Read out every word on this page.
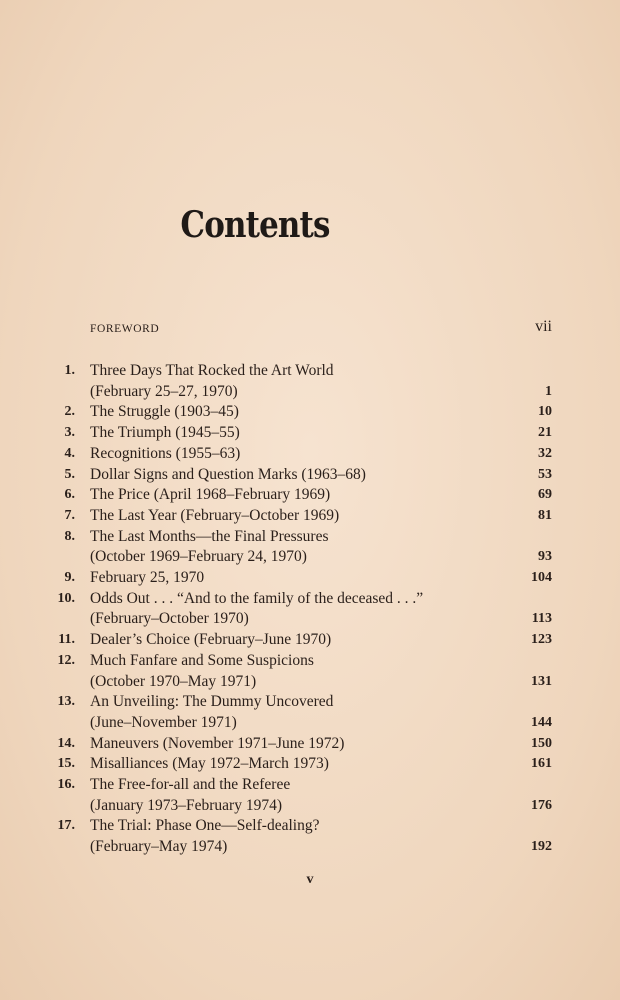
Contents
FOREWORD	vii
1. Three Days That Rocked the Art World
(February 25–27, 1970)	1
2. The Struggle (1903–45)	10
3. The Triumph (1945–55)	21
4. Recognitions (1955–63)	32
5. Dollar Signs and Question Marks (1963–68)	53
6. The Price (April 1968–February 1969)	69
7. The Last Year (February–October 1969)	81
8. The Last Months—the Final Pressures
(October 1969–February 24, 1970)	93
9. February 25, 1970	104
10. Odds Out . . . “And to the family of the deceased . . .”
(February–October 1970)	113
11. Dealer’s Choice (February–June 1970)	123
12. Much Fanfare and Some Suspicions
(October 1970–May 1971)	131
13. An Unveiling: The Dummy Uncovered
(June–November 1971)	144
14. Maneuvers (November 1971–June 1972)	150
15. Misalliances (May 1972–March 1973)	161
16. The Free-for-all and the Referee
(January 1973–February 1974)	176
17. The Trial: Phase One—Self-dealing?
(February–May 1974)	192
v
